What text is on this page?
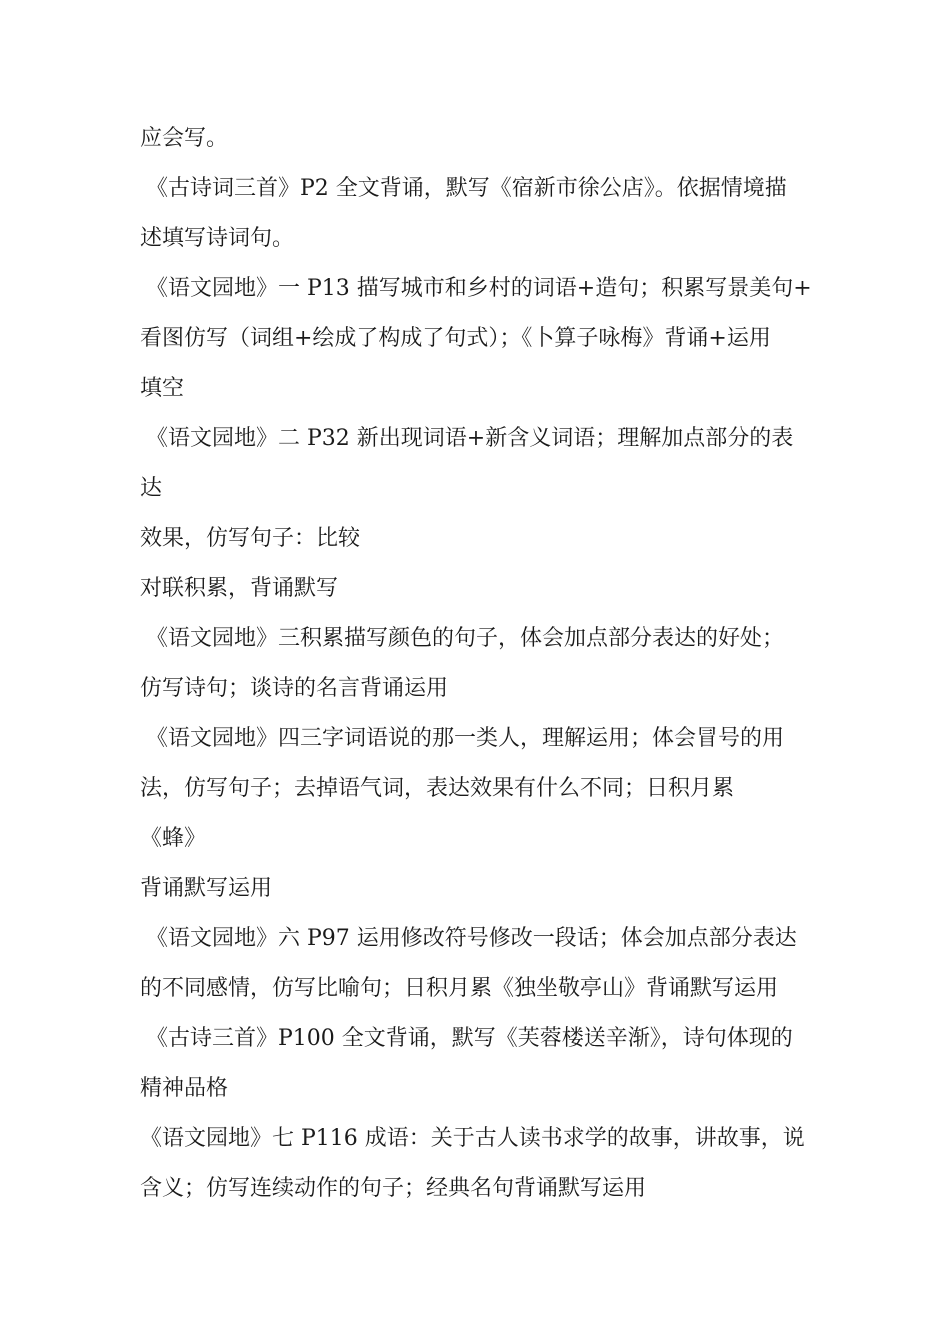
应会写。
《古诗词三首》P2 全文背诵，默写《宿新市徐公店》。依据情境描
述填写诗词句。
《语文园地》一 P13 描写城市和乡村的词语+造句；积累写景美句+
看图仿写（词组+绘成了构成了句式）；《卜算子咏梅》背诵+运用
填空
《语文园地》二 P32 新出现词语+新含义词语；理解加点部分的表
达
效果，仿写句子：比较
对联积累，背诵默写
《语文园地》三积累描写颜色的句子，体会加点部分表达的好处；
仿写诗句；谈诗的名言背诵运用
《语文园地》四三字词语说的那一类人，理解运用；体会冒号的用
法，仿写句子；去掉语气词，表达效果有什么不同；日积月累
《蜂》
背诵默写运用
《语文园地》六 P97 运用修改符号修改一段话；体会加点部分表达
的不同感情，仿写比喻句；日积月累《独坐敬亭山》背诵默写运用
《古诗三首》P100 全文背诵，默写《芙蓉楼送辛渐》，诗句体现的
精神品格
《语文园地》七 P116 成语：关于古人读书求学的故事，讲故事，说
含义；仿写连续动作的句子；经典名句背诵默写运用
